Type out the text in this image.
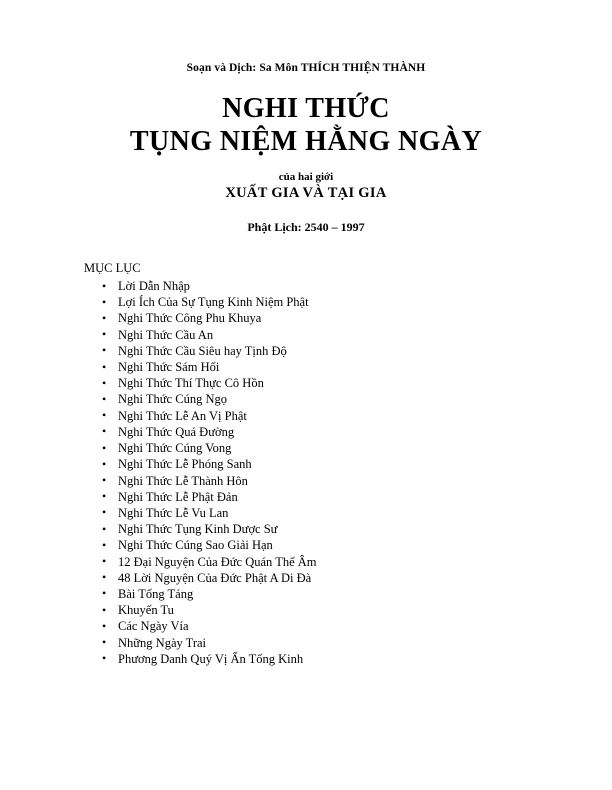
Soạn và Dịch: Sa Môn THÍCH THIỆN THÀNH

NGHI THỨC
TỤNG NIỆM HẰNG NGÀY

của hai giới

XUẤT GIA VÀ TẠI GIA

Phật Lịch: 2540 – 1997

MỤC LỤC

• Lời Dẫn Nhập
• Lợi Ích Của Sự Tụng Kinh Niệm Phật
• Nghi Thức Công Phu Khuya
• Nghi Thức Cầu An
• Nghi Thức Cầu Siêu hay Tịnh Độ
• Nghi Thức Sám Hối
• Nghi Thức Thí Thực Cô Hồn
• Nghi Thức Cúng Ngọ
• Nghi Thức Lễ An Vị Phật
• Nghi Thức Quá Đường
• Nghi Thức Cúng Vong
• Nghi Thức Lễ Phóng Sanh
• Nghi Thức Lễ Thành Hôn
• Nghi Thức Lễ Phật Đản
• Nghi Thức Lễ Vu Lan
• Nghi Thức Tụng Kinh Dược Sư
• Nghi Thức Cúng Sao Giải Hạn
• 12 Đại Nguyện Của Đức Quán Thế Âm
• 48 Lời Nguyện Của Đức Phật A Di Đà
• Bài Tống Táng
• Khuyến Tu
• Các Ngày Vía
• Những Ngày Trai
• Phương Danh Quý Vị Ấn Tống Kinh
